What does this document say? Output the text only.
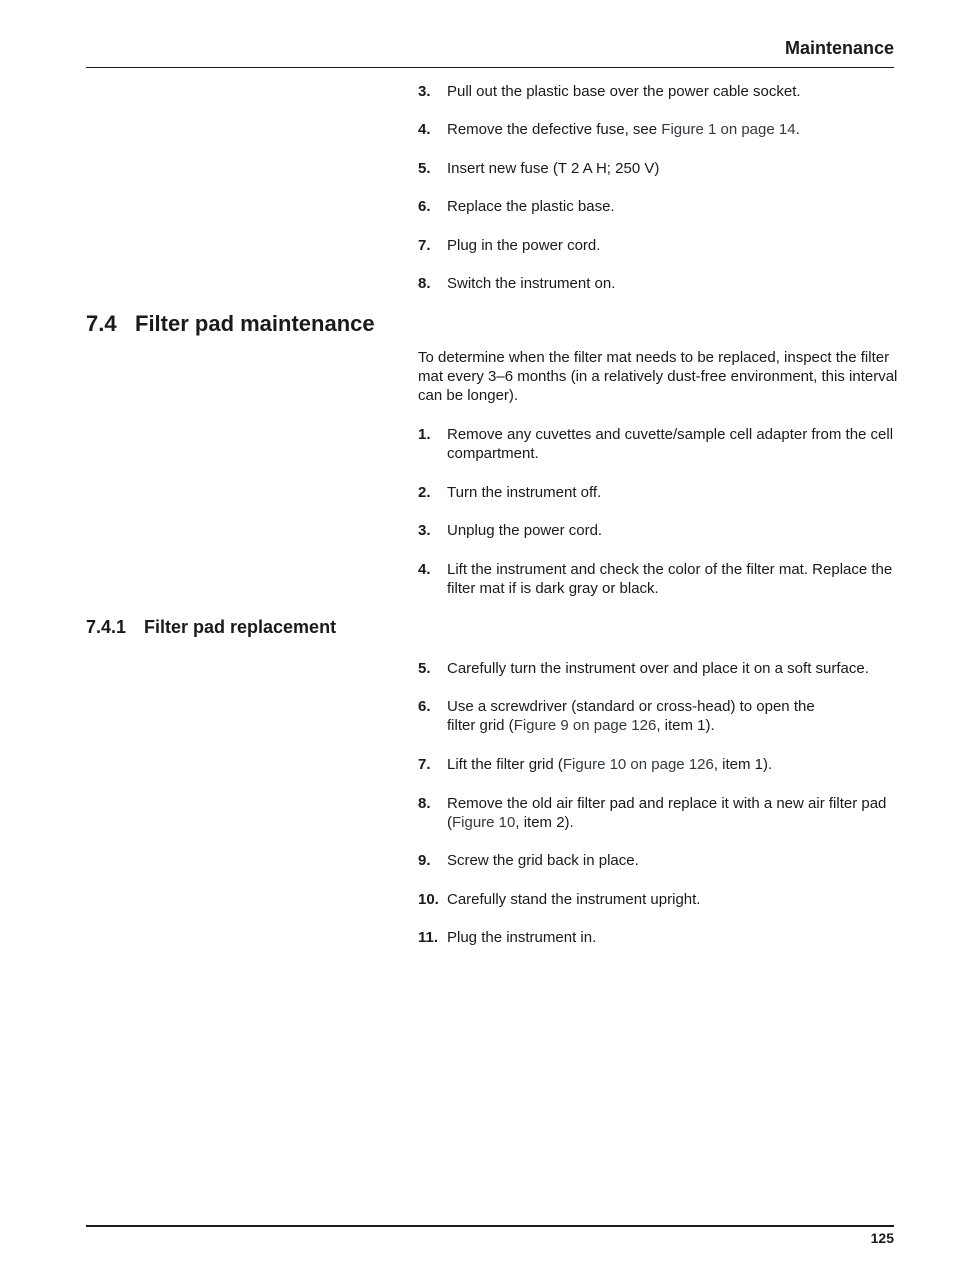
Maintenance
3. Pull out the plastic base over the power cable socket.
4. Remove the defective fuse, see Figure 1 on page 14.
5. Insert new fuse (T 2 A H; 250 V)
6. Replace the plastic base.
7. Plug in the power cord.
8. Switch the instrument on.
7.4 Filter pad maintenance
To determine when the filter mat needs to be replaced, inspect the filter mat every 3–6 months (in a relatively dust-free environment, this interval can be longer).
1. Remove any cuvettes and cuvette/sample cell adapter from the cell compartment.
2. Turn the instrument off.
3. Unplug the power cord.
4. Lift the instrument and check the color of the filter mat. Replace the filter mat if is dark gray or black.
7.4.1 Filter pad replacement
5. Carefully turn the instrument over and place it on a soft surface.
6. Use a screwdriver (standard or cross-head) to open the filter grid (Figure 9 on page 126, item 1).
7. Lift the filter grid (Figure 10 on page 126, item 1).
8. Remove the old air filter pad and replace it with a new air filter pad (Figure 10, item 2).
9. Screw the grid back in place.
10. Carefully stand the instrument upright.
11. Plug the instrument in.
125
